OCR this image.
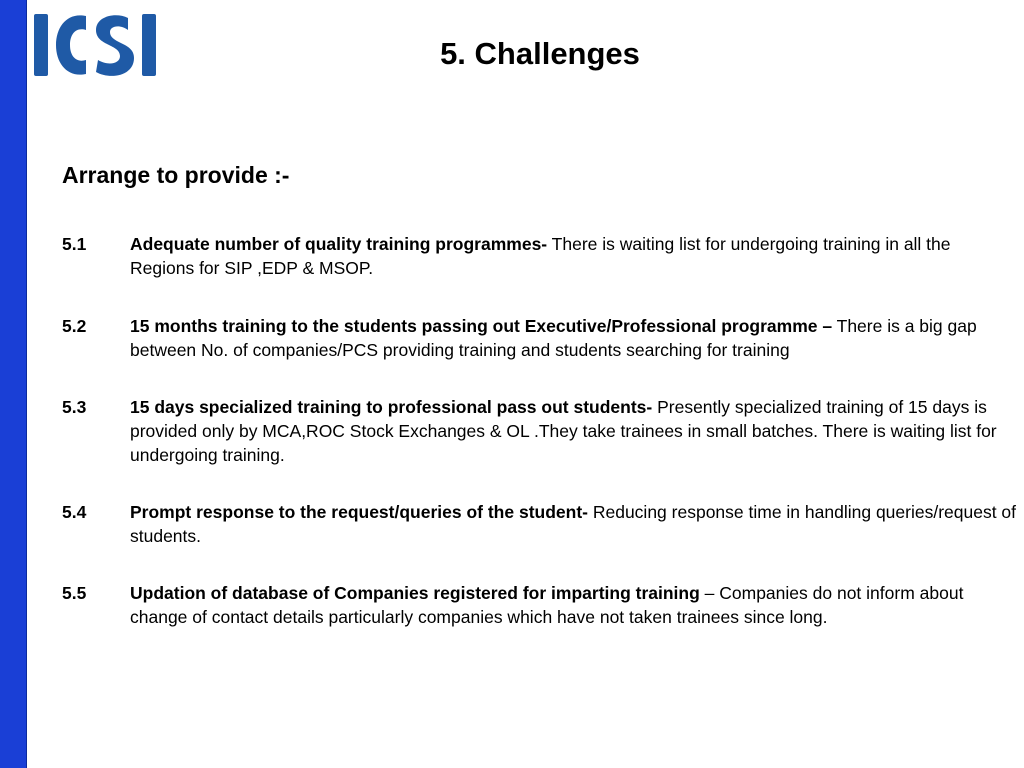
5. Challenges
Arrange to provide :-
5.1	Adequate number of quality training programmes- There is waiting list for undergoing training in all the Regions for SIP ,EDP & MSOP.
5.2	15 months training to the students passing out Executive/Professional programme – There is a big gap between No. of companies/PCS providing training and students searching for training
5.3	15 days specialized training to professional pass out students- Presently specialized training of 15 days is provided only by MCA,ROC Stock Exchanges & OL .They take trainees in small batches. There is waiting list for undergoing training.
5.4	Prompt response to the request/queries of the student- Reducing response time in handling queries/request of students.
5.5	Updation of database of Companies registered for imparting training – Companies do not inform about change of contact details particularly companies which have not taken trainees since long.
